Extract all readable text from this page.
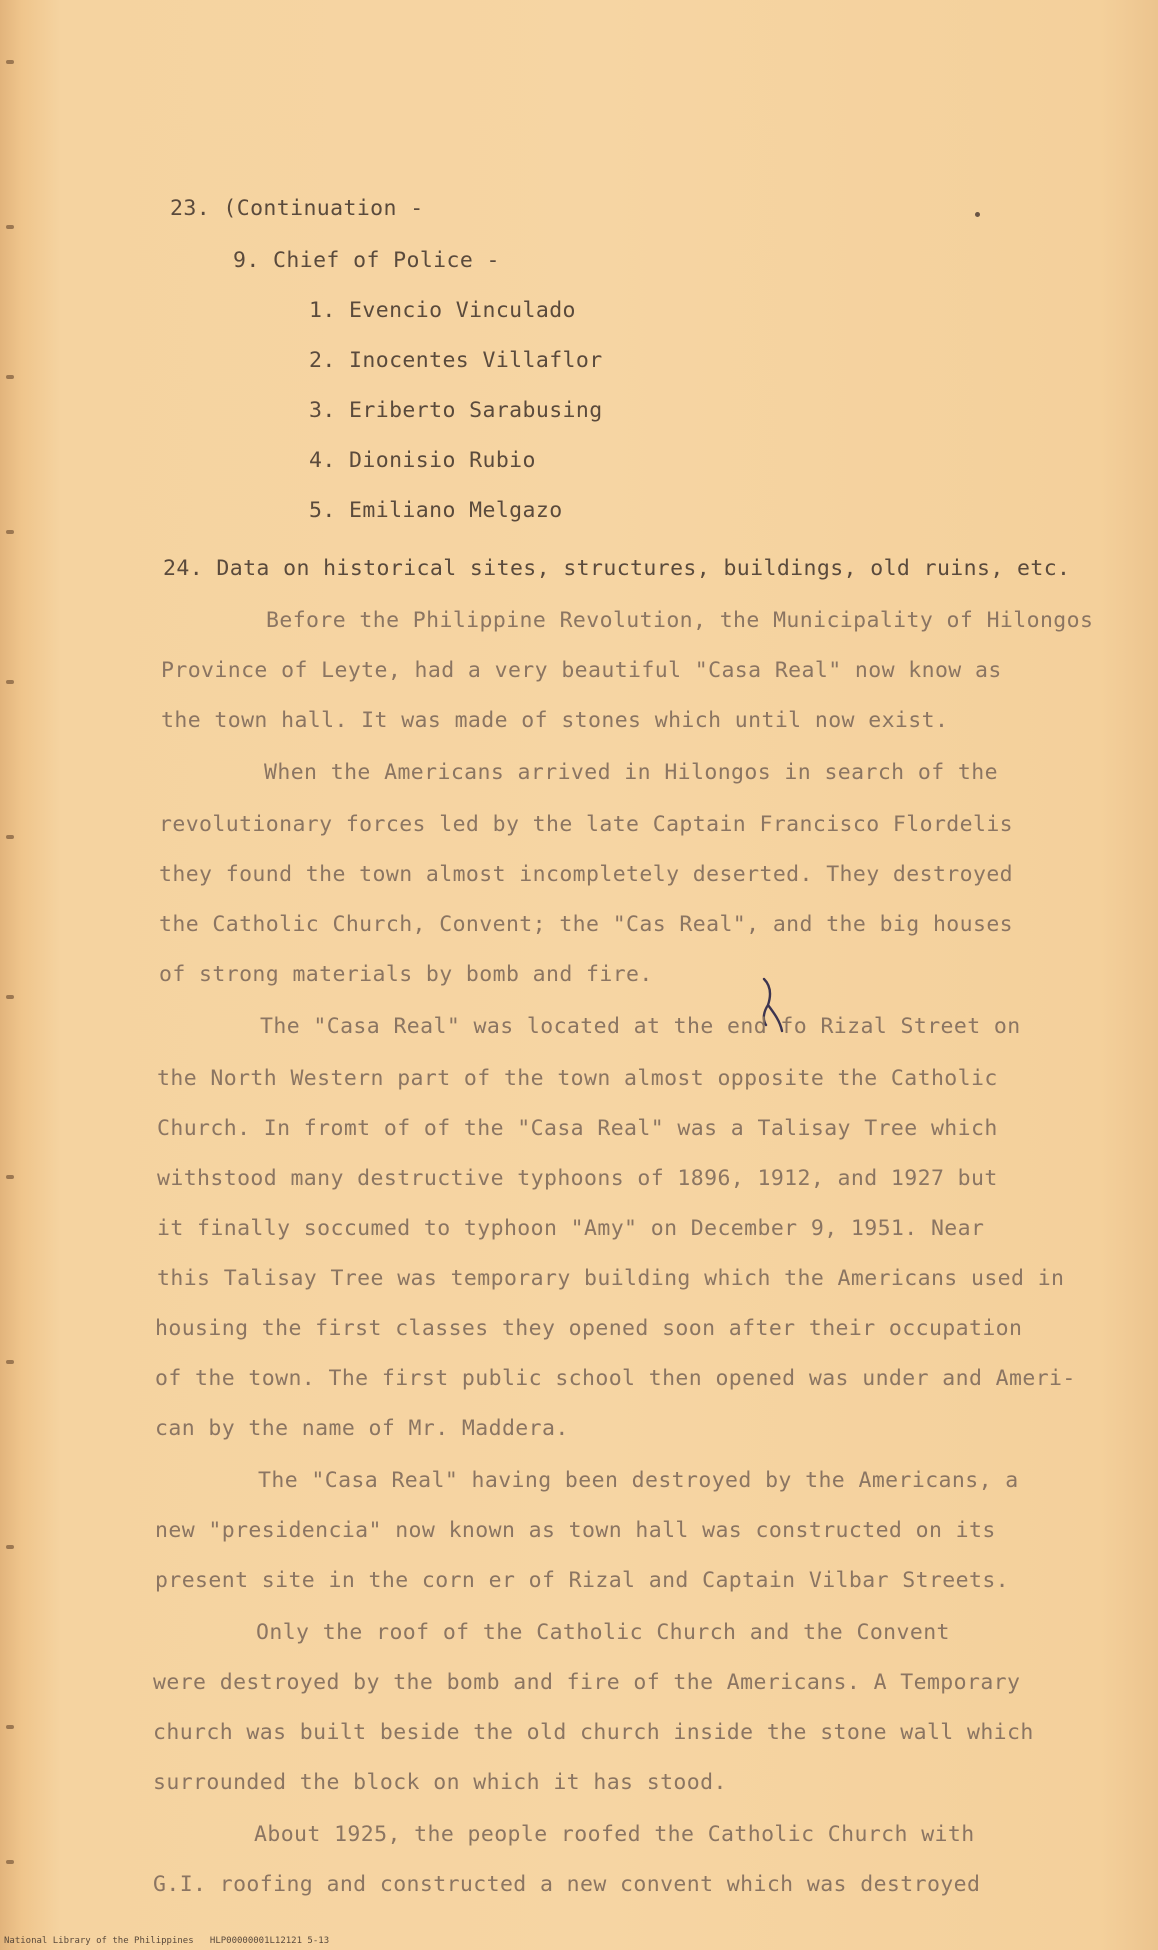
23. (Continuation -
9. Chief of Police -
1. Evencio Vinculado
2. Inocentes Villaflor
3. Eriberto Sarabusing
4. Dionisio Rubio
5. Emiliano Melgazo
24. Data on historical sites, structures, buildings, old ruins, etc.
Before the Philippine Revolution, the Municipality of Hilongos
Province of Leyte, had a very beautiful "Casa Real" now know as
the town hall. It was made of stones which until now exist.
When the Americans arrived in Hilongos in search of the
revolutionary forces led by the late Captain Francisco Flordelis
they found the town almost incompletely deserted. They destroyed
the Catholic Church, Convent; the "Cas Real", and the big houses
of strong materials by bomb and fire.
The "Casa Real" was located at the end fo Rizal Street on
the North Western part of the town almost opposite the Catholic
Church. In fromt of of the "Casa Real" was a Talisay Tree which
withstood many destructive typhoons of 1896, 1912, and 1927 but
it finally soccumed to typhoon "Amy" on December 9, 1951. Near
this Talisay Tree was temporary building which the Americans used in
housing the first classes they opened soon after their occupation
of the town. The first public school then opened was under and Ameri-
can by the name of Mr. Maddera.
The "Casa Real" having been destroyed by the Americans, a
new "presidencia" now known as town hall was constructed on its
present site in the corn er of Rizal and Captain Vilbar Streets.
Only the roof of the Catholic Church and the Convent
were destroyed by the bomb and fire of the Americans. A Temporary
church was built beside the old church inside the stone wall which
surrounded the block on which it has stood.
About 1925, the people roofed the Catholic Church with
G.I. roofing and constructed a new convent which was destroyed
National Library of the Philippines   HLP00000001L12121 5-13
